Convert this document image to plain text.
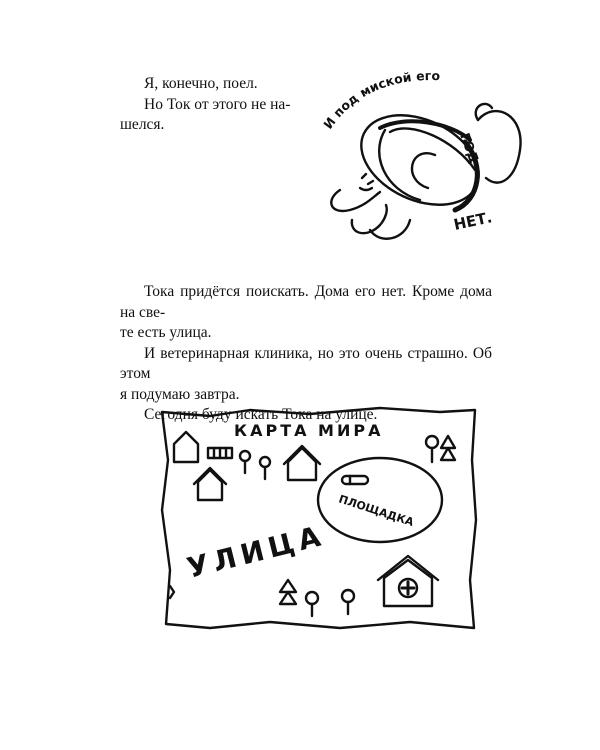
Я, конечно, поел.
Но Ток от этого не на-
шелся.	И под миской его
ГОД
НЕТ.
Тока придётся поискать. Дома его нет. Кроме дома на све-
те есть улица.
И ветеринарная клиника, но это очень страшно. Об этом
я подумаю завтра.
Сегодня буду искать Тока на улице.
КАРТА МИРА
ПЛОЩАДКА
УЛИЦА
